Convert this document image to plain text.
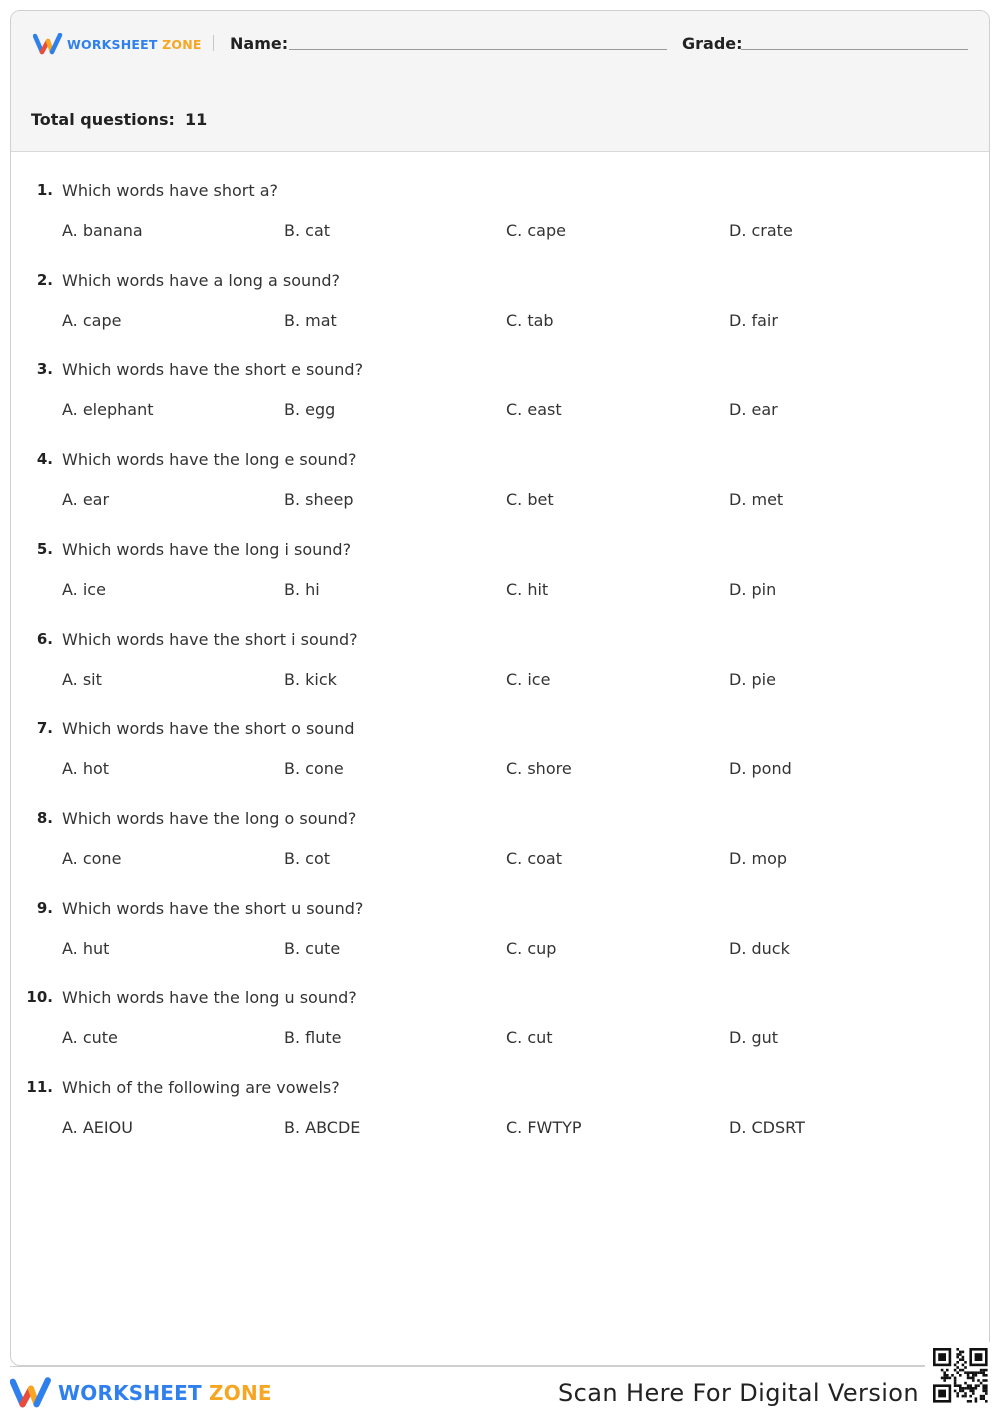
WORKSHEET ZONE Name:	Grade:
Total questions: 11
1. Which words have short a?
A. banana	B. cat	C. cape	D. crate
2. Which words have a long a sound?
A. cape	B. mat	C. tab	D. fair
3. Which words have the short e sound?
A. elephant	B. egg	C. east	D. ear
4. Which words have the long e sound?
A. ear	B. sheep	C. bet	D. met
5. Which words have the long i sound?
A. ice	B. hi	C. hit	D. pin
6. Which words have the short i sound?
A. sit	B. kick	C. ice	D. pie
7. Which words have the short o sound
A. hot	B. cone	C. shore	D. pond
8. Which words have the long o sound?
A. cone	B. cot	C. coat	D. mop
9. Which words have the short u sound?
A. hut	B. cute	C. cup	D. duck
10. Which words have the long u sound?
A. cute	B. flute	C. cut	D. gut
11. Which of the following are vowels?
A. AEIOU	B. ABCDE	C. FWTYP	D. CDSRT
WORKSHEET ZONE	Scan Here For Digital Version
